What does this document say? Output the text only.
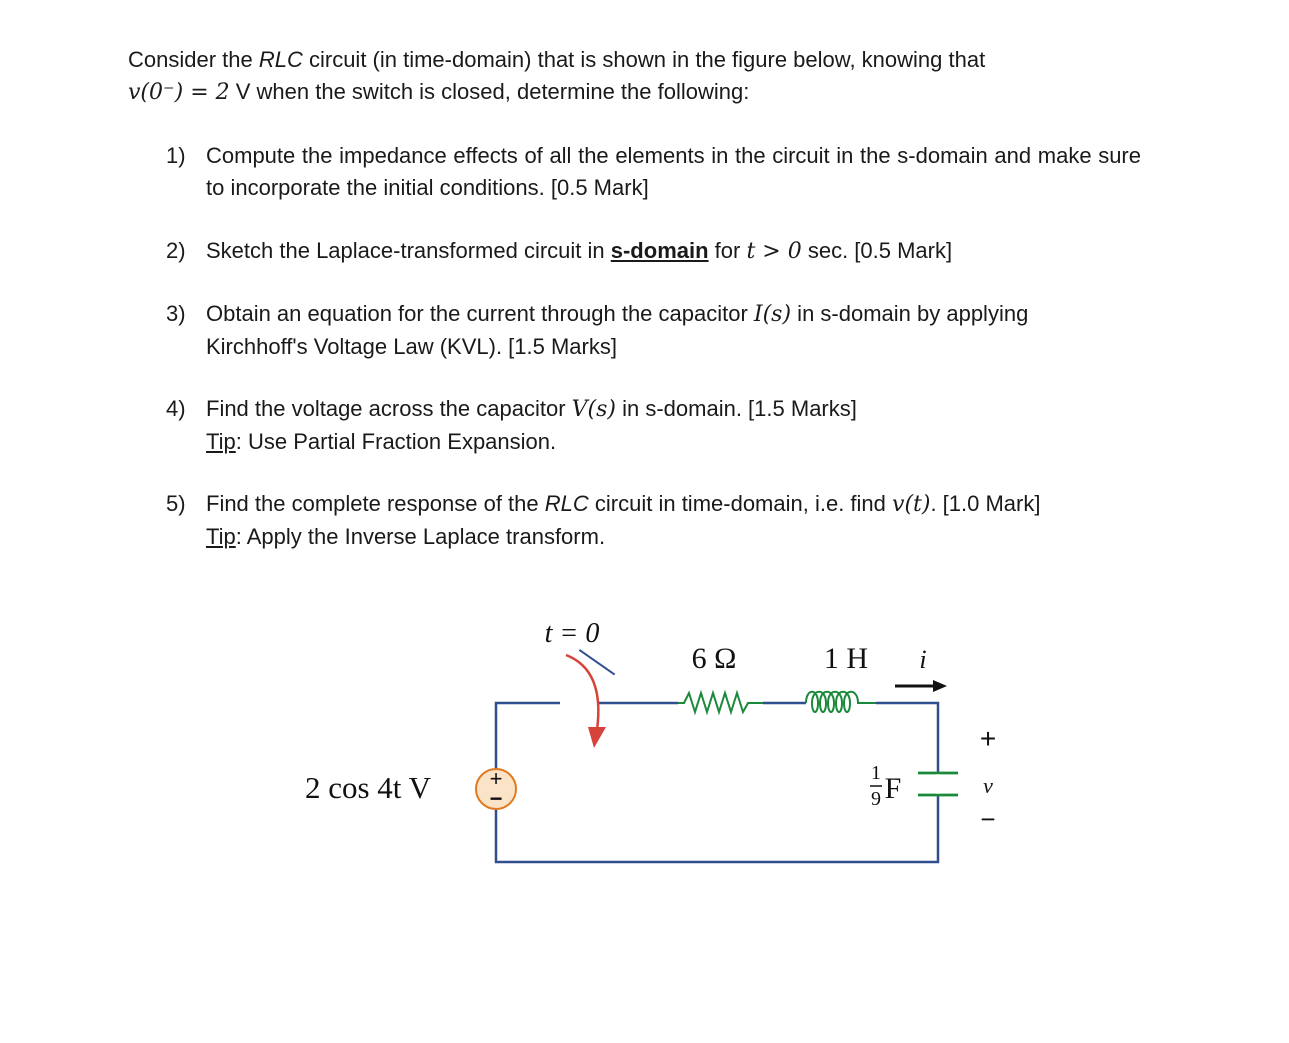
Consider the RLC circuit (in time-domain) that is shown in the figure below, knowing that
v(0⁻) = 2 V when the switch is closed, determine the following:
1) Compute the impedance effects of all the elements in the circuit in the s-domain and make sure to incorporate the initial conditions. [0.5 Mark]
2) Sketch the Laplace-transformed circuit in s-domain for t > 0 sec. [0.5 Mark]
3) Obtain an equation for the current through the capacitor I(s) in s-domain by applying
Kirchhoff's Voltage Law (KVL). [1.5 Marks]
4) Find the voltage across the capacitor V(s) in s-domain. [1.5 Marks]
Tip: Use Partial Fraction Expansion.
5) Find the complete response of the RLC circuit in time-domain, i.e. find v(t). [1.0 Mark]
Tip: Apply the Inverse Laplace transform.
+
−
t = 0
6 Ω	1 H i
2 cos 4t V	1
9 F
+
v
−
